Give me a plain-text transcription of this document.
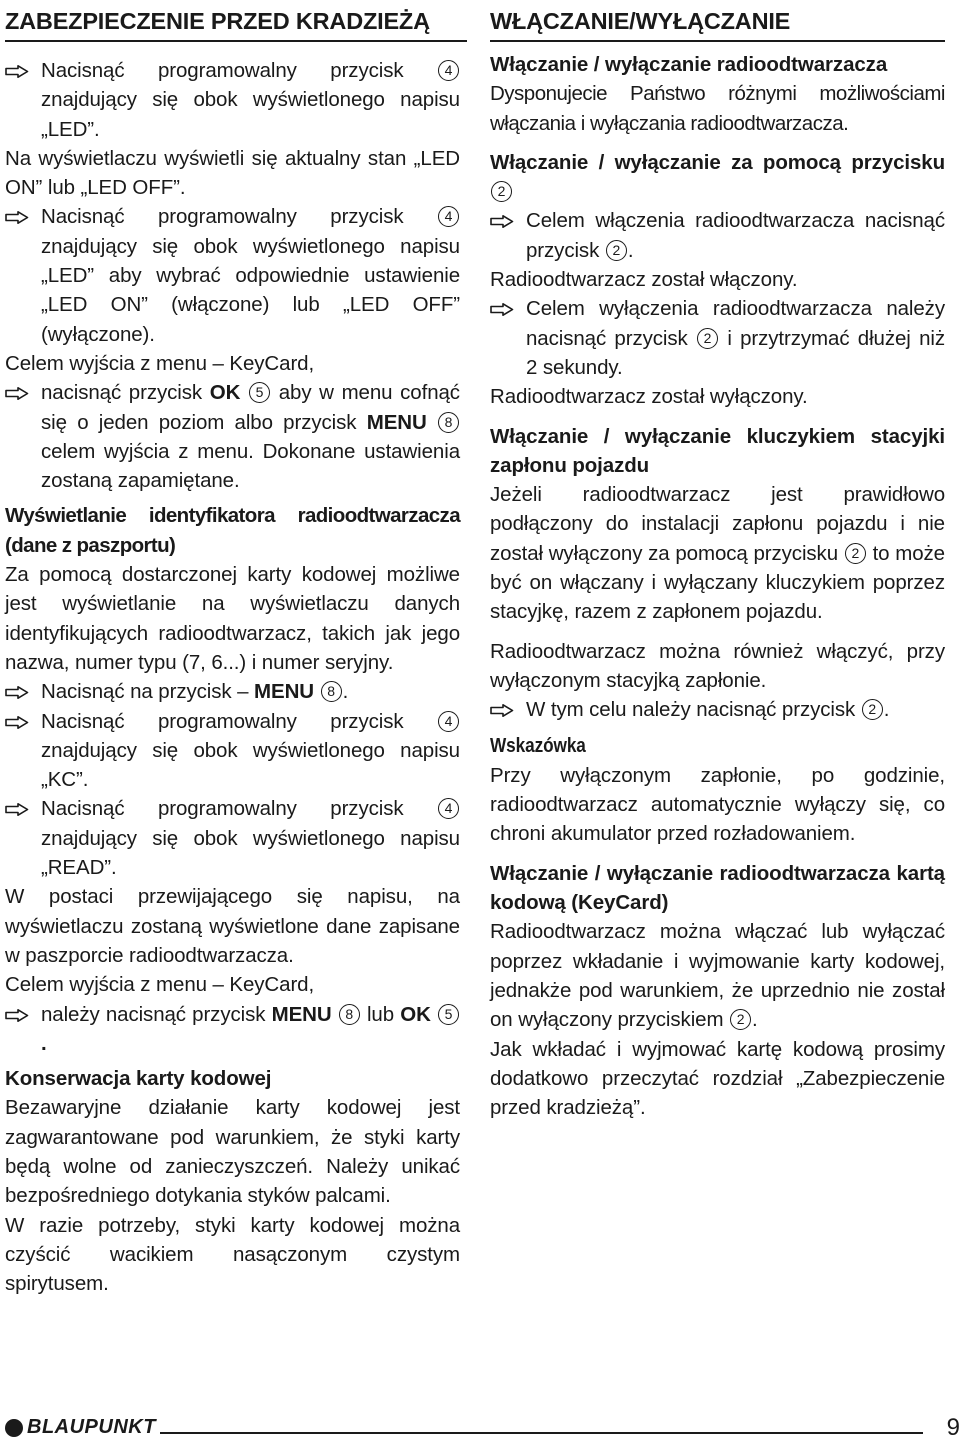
ZABEZPIECZENIE PRZED KRADZIEŻĄ	WŁĄCZANIE/WYŁĄCZANIE
Nacisnąć programowalny przycisk	4 znajdujący się obok wyświetlonego napisu „LED”.

Na wyświetlaczu wyświetli się aktualny stan „LED ON” lub „LED OFF”.

Nacisnąć programowalny przycisk	4 znajdujący się obok wyświetlonego napisu „LED” aby wybrać odpowiednie ustawienie „LED ON” (włączone) lub „LED OFF” (wyłączone).

Celem wyjścia z menu – KeyCard,

nacisnąć przycisk OK 5 aby w menu cofnąć się o jeden poziom albo przycisk MENU 8 celem wyjścia z menu. Dokonane ustawienia zostaną zapamiętane.

Wyświetlanie identyfikatora radioodtwarzacza (dane z paszportu)

Za pomocą dostarczonej karty kodowej możliwe jest wyświetlanie na wyświetlaczu danych identyfikujących radioodtwarzacz, takich jak jego nazwa, numer typu (7, 6...) i numer seryjny.

Nacisnąć na przycisk – MENU 8 .
Nacisnąć programowalny przycisk	4 znajdujący się obok wyświetlonego napisu „KC”.
Nacisnąć programowalny przycisk	4 znajdujący się obok wyświetlonego napisu „READ”.

W postaci przewijającego się napisu, na wyświetlaczu zostaną wyświetlone dane zapisane w paszporcie radioodtwarzacza.

Celem wyjścia z menu – KeyCard,

należy nacisnąć przycisk MENU 8 lub OK 5.

Konserwacja karty kodowej

Bezawaryjne działanie karty kodowej jest zagwarantowane pod warunkiem, że styki karty będą wolne od zanieczyszczeń. Należy unikać bezpośredniego dotykania styków palcami.

W razie potrzeby, styki karty kodowej można czyścić wacikiem nasączonym czystym spirytusem.

Włączanie / wyłączanie radioodtwarzacza

Dysponujecie Państwo różnymi możliwościami włączania i wyłączania radioodtwarzacza.

Włączanie / wyłączanie za pomocą przycisku 2

Celem włączenia radioodtwarzacza nacisnąć przycisk 2 .

Radioodtwarzacz został włączony.

Celem wyłączenia radioodtwarzacza należy nacisnąć przycisk 2 i przytrzymać dłużej niż 2 sekundy.

Radioodtwarzacz został wyłączony.

Włączanie / wyłączanie kluczykiem stacyjki zapłonu pojazdu

Jeżeli radioodtwarzacz jest prawidłowo podłączony do instalacji zapłonu pojazdu i nie został wyłączony za pomocą przycisku 2 to może być on włączany i wyłączany kluczykiem poprzez stacyjkę, razem z zapłonem pojazdu.

Radioodtwarzacz można również włączyć, przy wyłączonym stacyjką zapłonie.

W tym celu należy nacisnąć przycisk 2 .

Wskazówka

Przy wyłączonym zapłonie, po godzinie, radioodtwarzacz automatycznie wyłączy się, co chroni akumulator przed rozładowaniem.

Włączanie / wyłączanie radioodtwarzacza kartą kodową (KeyCard)

Radioodtwarzacz można włączać lub wyłączać poprzez wkładanie i wyjmowanie karty kodowej, jednakże pod warunkiem, że uprzednio nie został on wyłączony przyciskiem 2 .

Jak wkładać i wyjmować kartę kodową prosimy dodatkowo przeczytać rozdział „Zabezpieczenie przed kradzieżą”.

BLAUPUNKT	9
